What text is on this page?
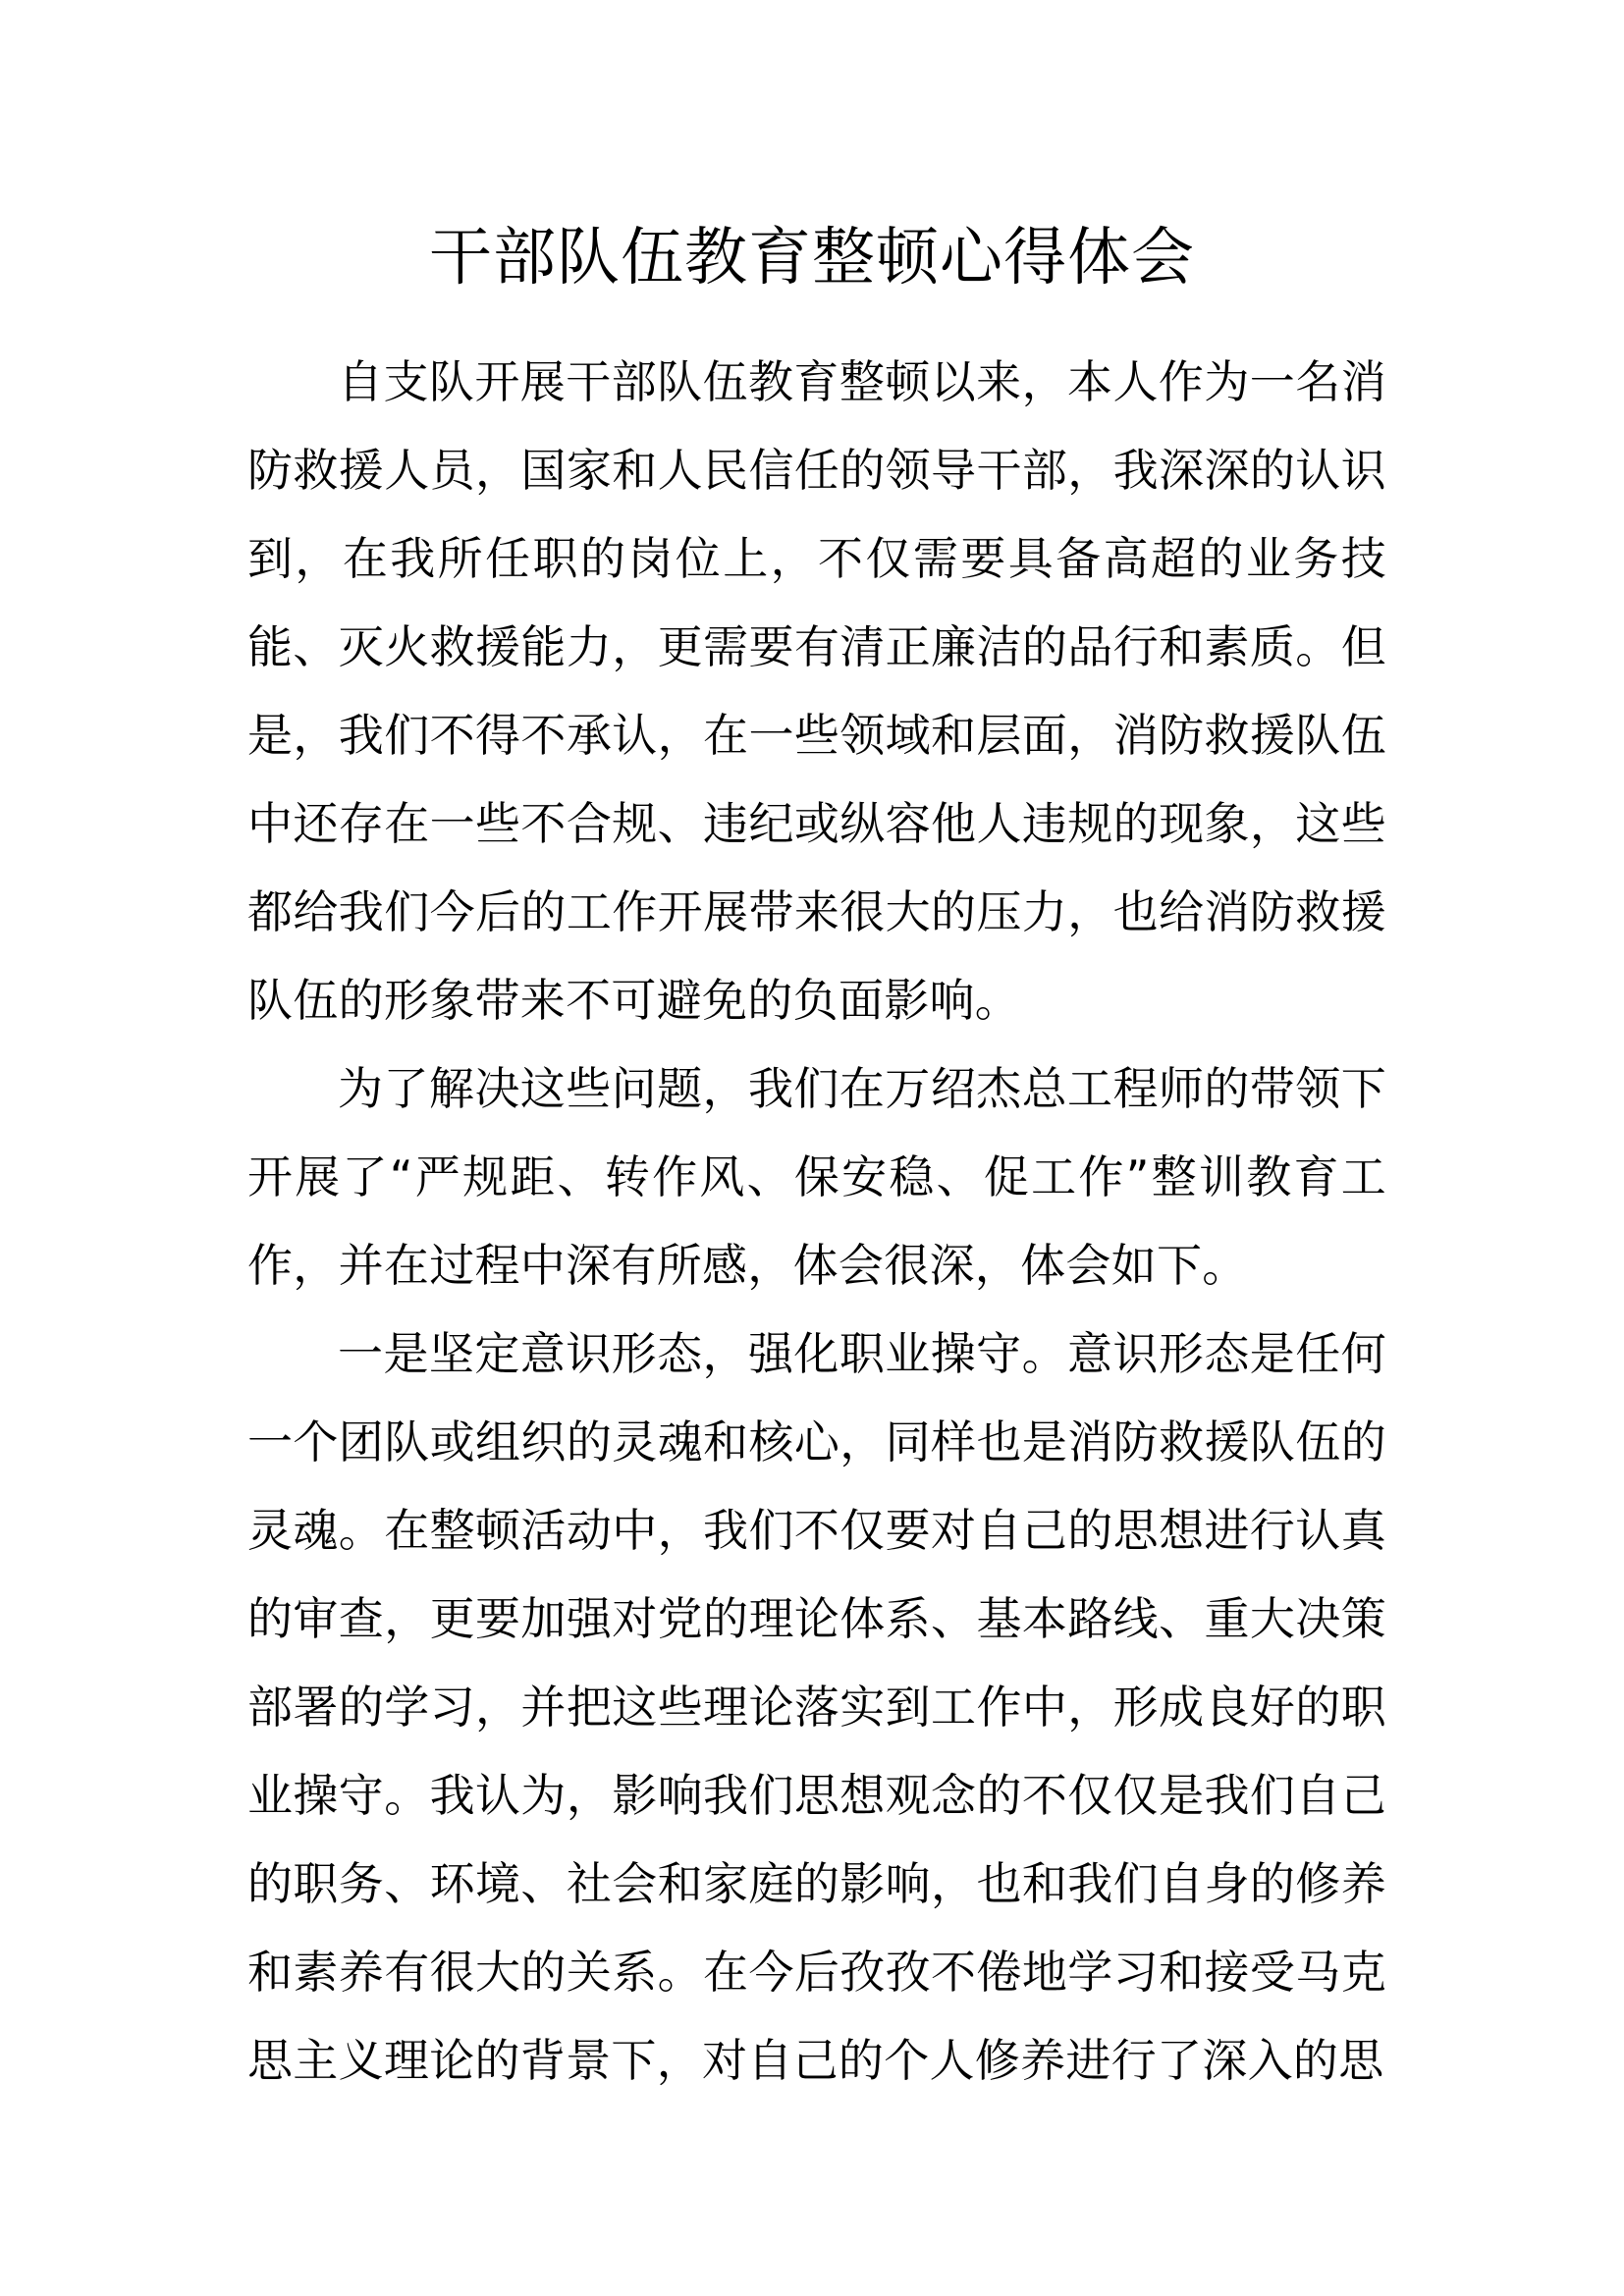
干部队伍教育整顿心得体会

自支队开展干部队伍教育整顿以来，本人作为一名消防救援人员，国家和人民信任的领导干部，我深深的认识到，在我所任职的岗位上，不仅需要具备高超的业务技能、灭火救援能力，更需要有清正廉洁的品行和素质。但是，我们不得不承认，在一些领域和层面，消防救援队伍中还存在一些不合规、违纪或纵容他人违规的现象，这些都给我们今后的工作开展带来很大的压力，也给消防救援队伍的形象带来不可避免的负面影响。

为了解决这些问题，我们在万绍杰总工程师的带领下开展了“严规距、转作风、保安稳、促工作”整训教育工作，并在过程中深有所感，体会很深，体会如下。

一是坚定意识形态，强化职业操守。意识形态是任何一个团队或组织的灵魂和核心，同样也是消防救援队伍的灵魂。在整顿活动中，我们不仅要对自己的思想进行认真的审查，更要加强对党的理论体系、基本路线、重大决策部署的学习，并把这些理论落实到工作中，形成良好的职业操守。我认为，影响我们思想观念的不仅仅是我们自己的职务、环境、社会和家庭的影响，也和我们自身的修养和素养有很大的关系。在今后孜孜不倦地学习和接受马克思主义理论的背景下，对自己的个人修养进行了深入的思
